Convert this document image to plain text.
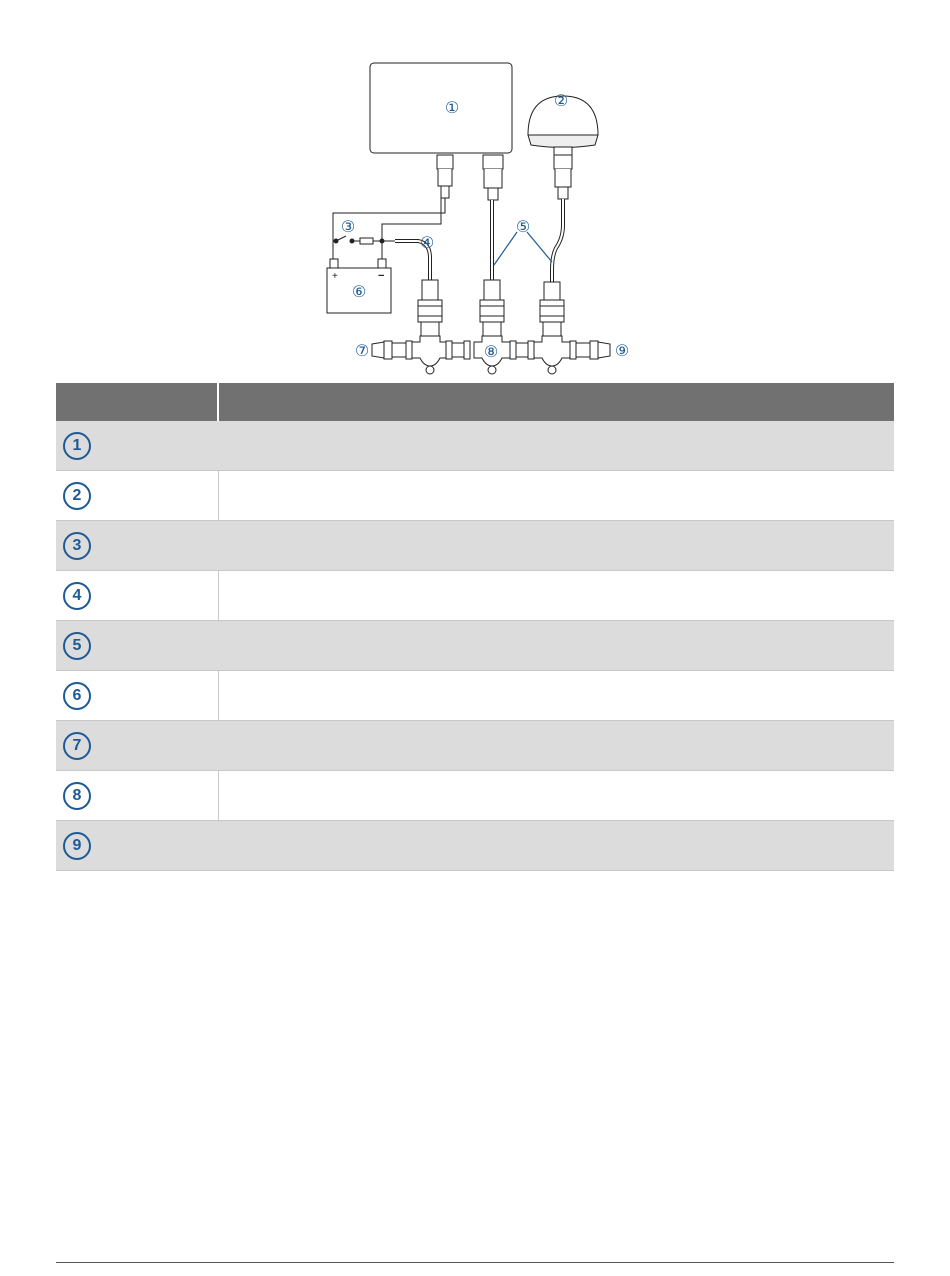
+	−
①	②
③
④
⑤
⑥
⑦	⑧	⑨

1	
2	
3	
4	
5	
6	
7	
8	
9	
